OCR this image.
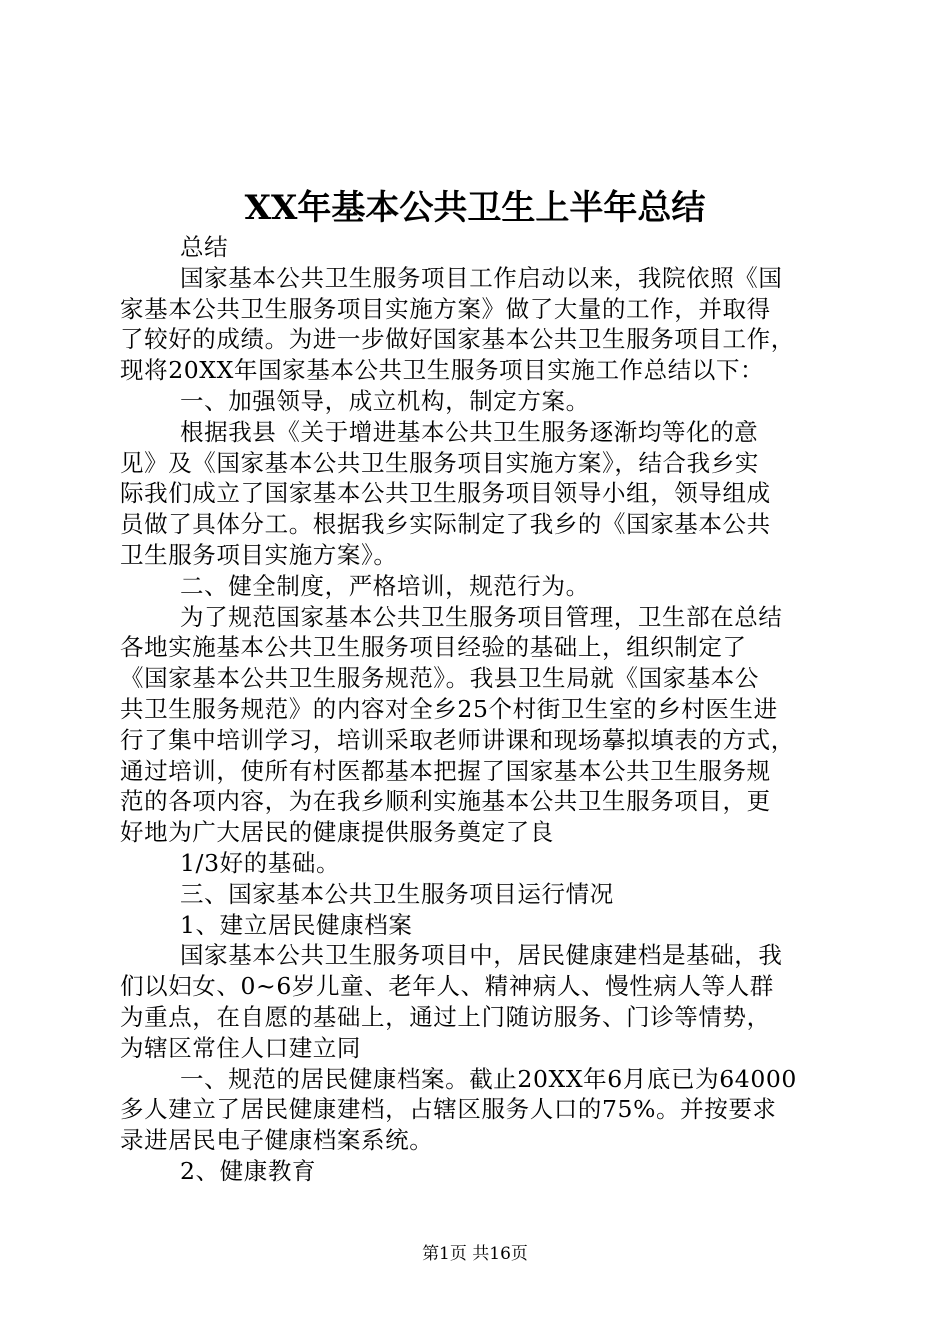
XX年基本公共卫生上半年总结
总结
国家基本公共卫生服务项目工作启动以来，我院依照《国
家基本公共卫生服务项目实施方案》做了大量的工作，并取得
了较好的成绩。为进一步做好国家基本公共卫生服务项目工作，
现将20XX年国家基本公共卫生服务项目实施工作总结以下：
一、加强领导，成立机构，制定方案。
根据我县《关于增进基本公共卫生服务逐渐均等化的意
见》及《国家基本公共卫生服务项目实施方案》，结合我乡实
际我们成立了国家基本公共卫生服务项目领导小组，领导组成
员做了具体分工。根据我乡实际制定了我乡的《国家基本公共
卫生服务项目实施方案》。
二、健全制度，严格培训，规范行为。
为了规范国家基本公共卫生服务项目管理，卫生部在总结
各地实施基本公共卫生服务项目经验的基础上，组织制定了
《国家基本公共卫生服务规范》。我县卫生局就《国家基本公
共卫生服务规范》的内容对全乡25个村街卫生室的乡村医生进
行了集中培训学习，培训采取老师讲课和现场摹拟填表的方式，
通过培训，使所有村医都基本把握了国家基本公共卫生服务规
范的各项内容，为在我乡顺利实施基本公共卫生服务项目，更
好地为广大居民的健康提供服务奠定了良
1/3好的基础。
三、国家基本公共卫生服务项目运行情况
1、建立居民健康档案
国家基本公共卫生服务项目中，居民健康建档是基础，我
们以妇女、0~6岁儿童、老年人、精神病人、慢性病人等人群
为重点，在自愿的基础上，通过上门随访服务、门诊等情势，
为辖区常住人口建立同
一、规范的居民健康档案。截止20XX年6月底已为64000
多人建立了居民健康建档，占辖区服务人口的75%。并按要求
录进居民电子健康档案系统。
2、健康教育
第1页 共16页
